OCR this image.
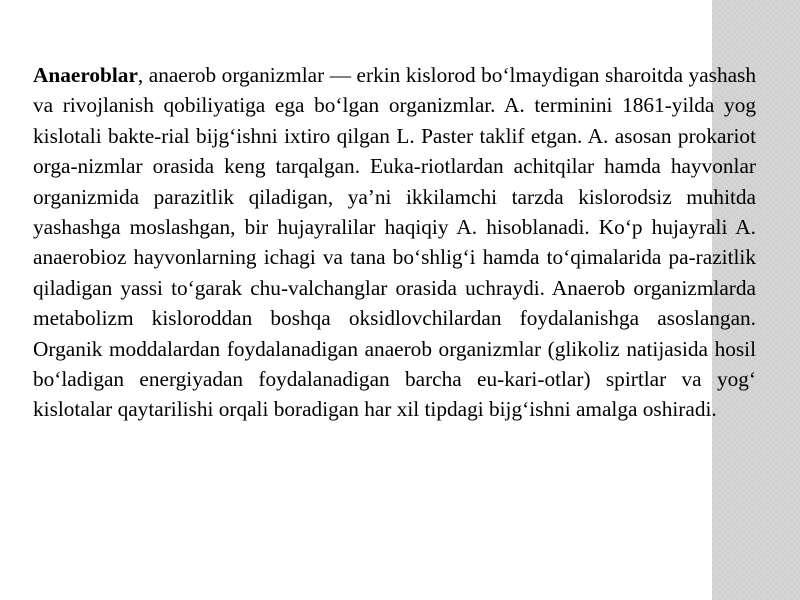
Anaeroblar, anaerob organizmlar — erkin kislorod boʻlmaydigan sharoitda yashash va rivojlanish qobiliyatiga ega boʻlgan organizmlar. A. terminini 1861-yilda yog kislotali bakte-rial bijgʻishni ixtiro qilgan L. Paster taklif etgan. A. asosan prokariot orga-nizmlar orasida keng tarqalgan. Euka-riotlardan achitqilar hamda hayvonlar organizmida parazitlik qiladigan, ya’ni ikkilamchi tarzda kislorodsiz muhitda yashashga moslashgan, bir hujayralilar haqiqiy A. hisoblanadi. Koʻp hujayrali A. anaerobioz hayvonlarning ichagi va tana boʻshligʻi hamda toʻqimalarida pa-razitlik qiladigan yassi toʻgarak chu-valchanglar orasida uchraydi. Anaerob organizmlarda metabolizm kisloroddan boshqa oksidlovchilardan foydalanishga asoslangan. Organik moddalardan foydalanadigan anaerob organizmlar (glikoliz natijasida hosil boʻladigan energiyadan foydalanadigan barcha eu-kari-otlar) spirtlar va yogʻ kislotalar qaytarilishi orqali boradigan har xil tipdagi bijgʻishni amalga oshiradi.
